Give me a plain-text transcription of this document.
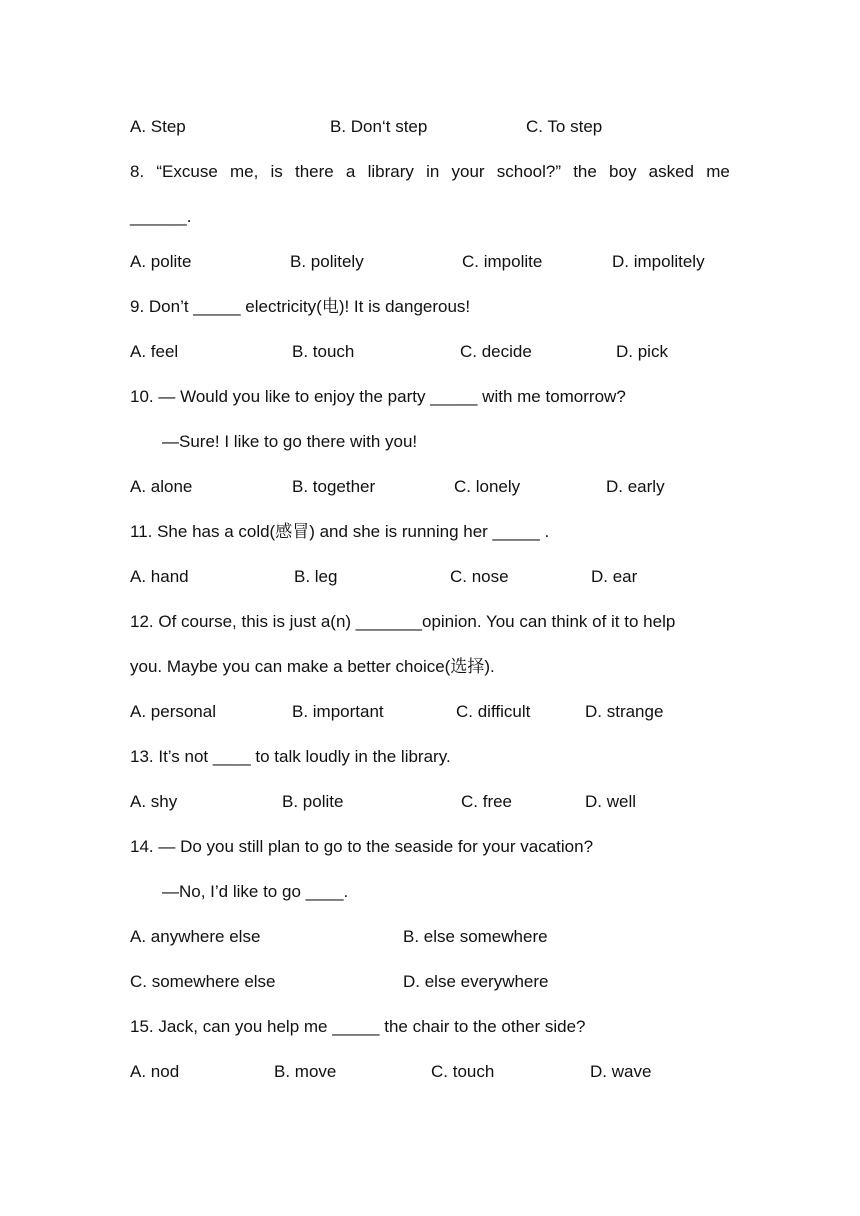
A. Step	B. Don‘t step	C. To step
8. “Excuse me, is there a library in your school?” the boy asked me
______.
A. polite	B. politely	C. impolite	D. impolitely
9. Don’t _____ electricity(电)! It is dangerous!
A. feel	B. touch	C. decide	D. pick
10. — Would you like to enjoy the party _____ with me tomorrow?
—Sure! I like to go there with you!
A. alone	B. together	C. lonely	D. early
11. She has a cold(感冒) and she is running her _____ .
A. hand	B. leg	C. nose	D. ear
12. Of course, this is just a(n) _______opinion. You can think of it to help
you. Maybe you can make a better choice(选择).
A. personal	B. important	C. difficult	D. strange
13. It’s not ____ to talk loudly in the library.
A. shy	B. polite	C. free	D. well
14. — Do you still plan to go to the seaside for your vacation?
—No, I’d like to go ____.
A. anywhere else	B. else somewhere
C. somewhere else	D. else everywhere
15. Jack, can you help me _____ the chair to the other side?
A. nod	B. move	C. touch	D. wave
